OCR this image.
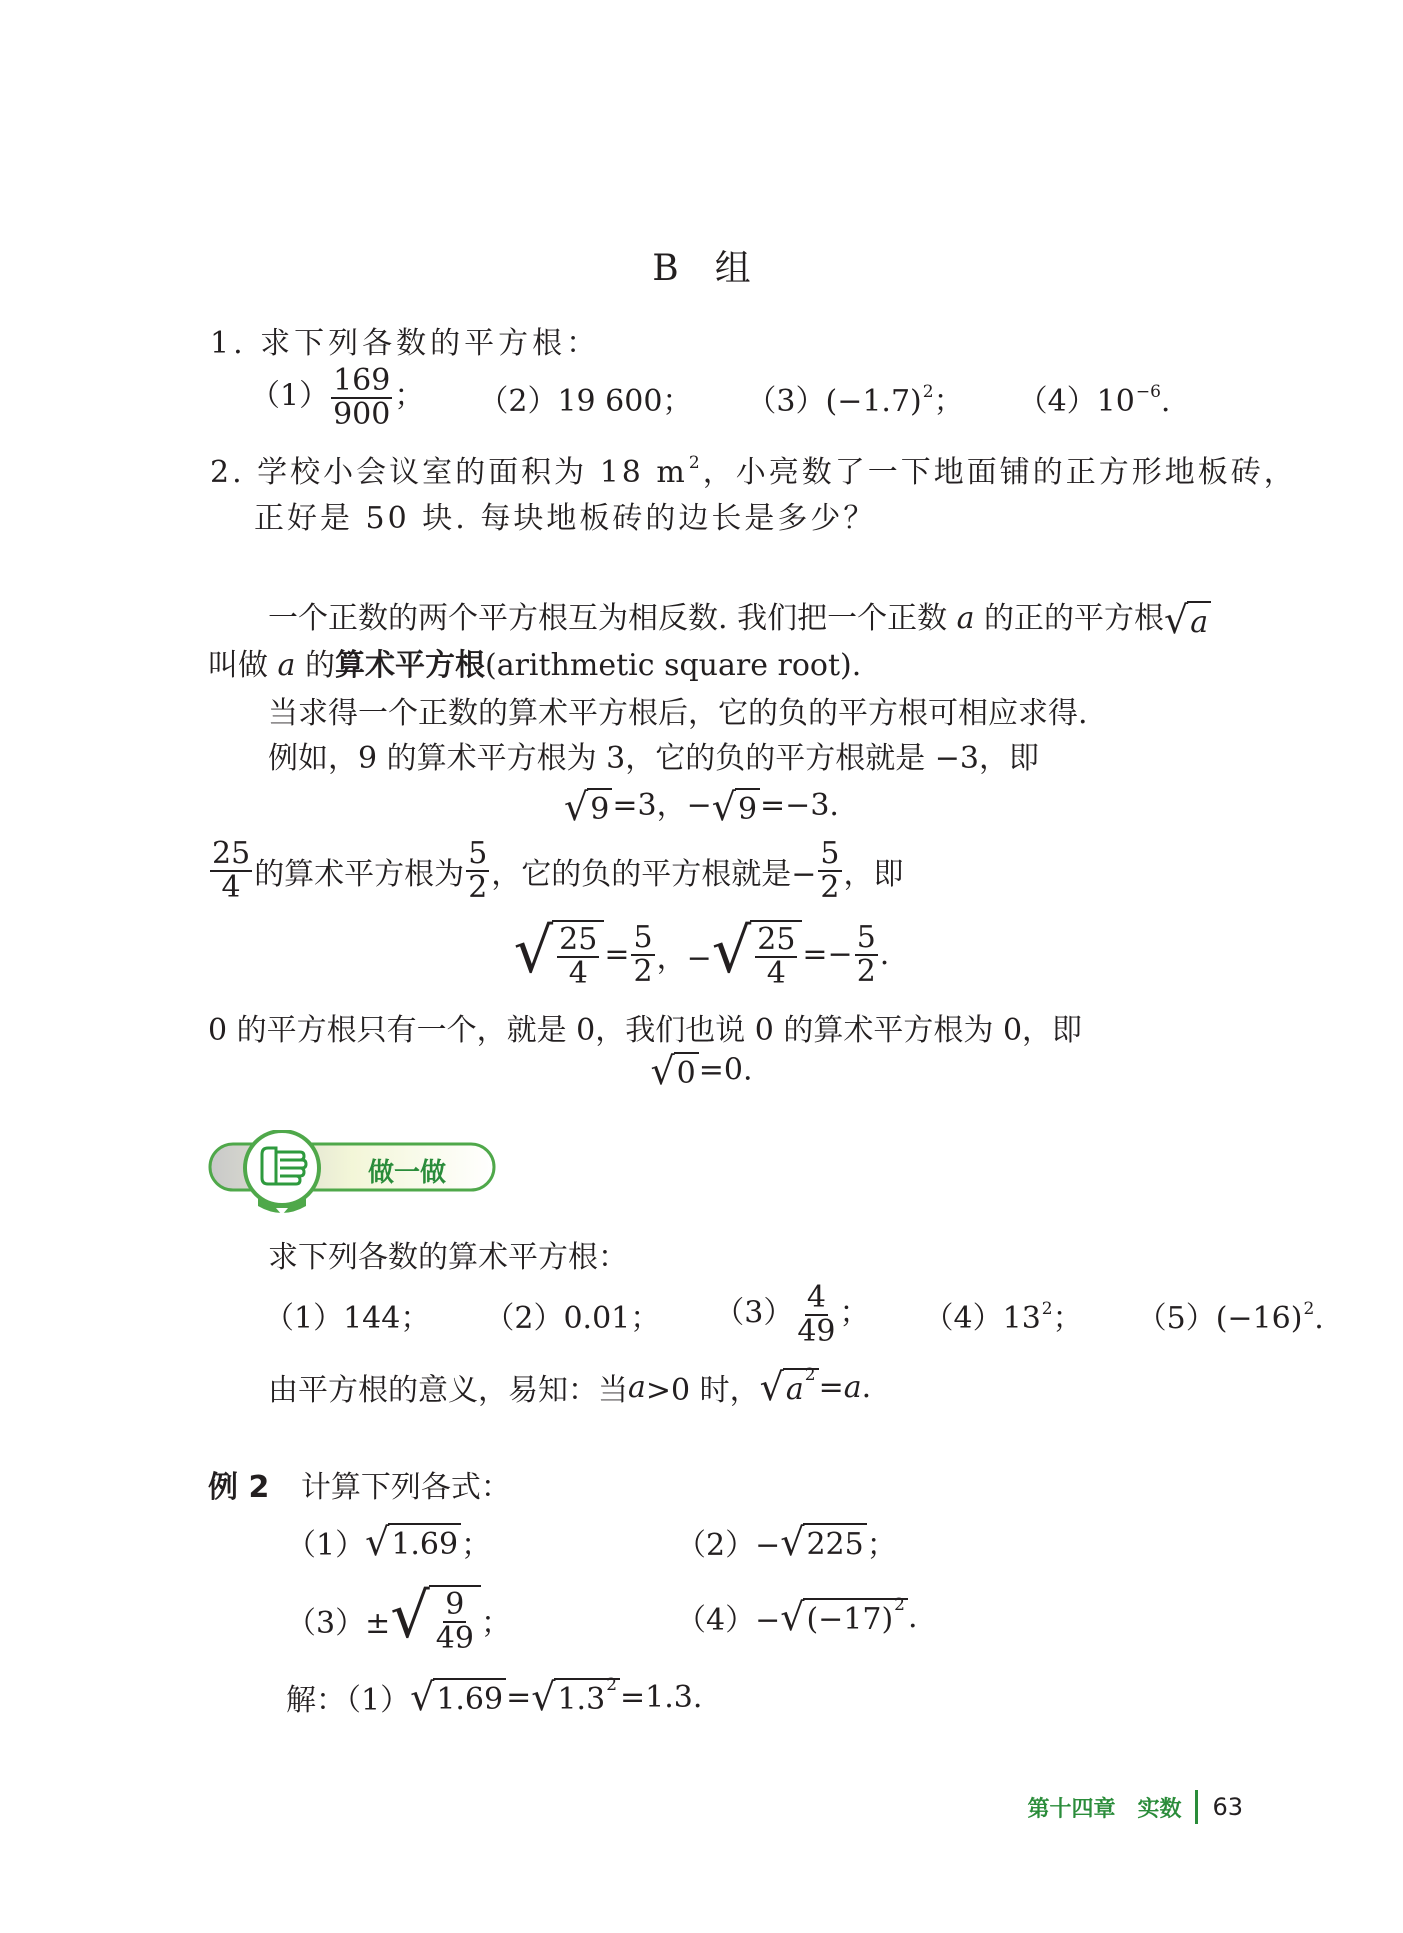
B　组
1. 求下列各数的平方根：
$(1) \frac{169}{900}$ ； （2）19 600； $(3)(-1.7)^2$； $(4)10^{-6}$.
2. 学校小会议室的面积为 18 $m^2$，小亮数了一下地面铺的正方形地板砖，
正好是 50 块. 每块地板砖的边长是多少？
一个正数的两个平方根互为相反数. 我们把一个正数 a 的正的平方根 √ a
叫做 a 的算术平方根(arithmetic square root).
当求得一个正数的算术平方根后，它的负的平方根可相应求得.
例如，9 的算术平方根为 3，它的负的平方根就是 −3，即
√ 9 =3，− √ 9 =−3.
$\frac{25}{4}$ 的算术平方根为 $\frac{5}{2}$ ，它的负的平方根就是− $\frac{5}{2}$ ，即
√ $\frac{25}{4} = \frac{5}{2}$ ，− √ $\frac{25}{4} =- \frac{5}{2}$ .
0 的平方根只有一个，就是 0，我们也说 0 的算术平方根为 0，即
√ 0 =0.
做一做
求下列各数的算术平方根：
（1）144； （2）0.01； $(3) \frac{4}{49}$ ； $(4)13^2$； $(5)(-16)^2$.
由平方根的意义，易知：当 a >0 时， √ a 2 = a .
例 2 计算下列各式：
（1） √ 1.69 ；	（2）− √ 225 ；
（3）± √ $\frac{9}{49}$ ；	（4）− √ (−17) 2 .
解：（1） √ 1.69 = √ 1.3 2 =1.3.
第十四章　实数 63
